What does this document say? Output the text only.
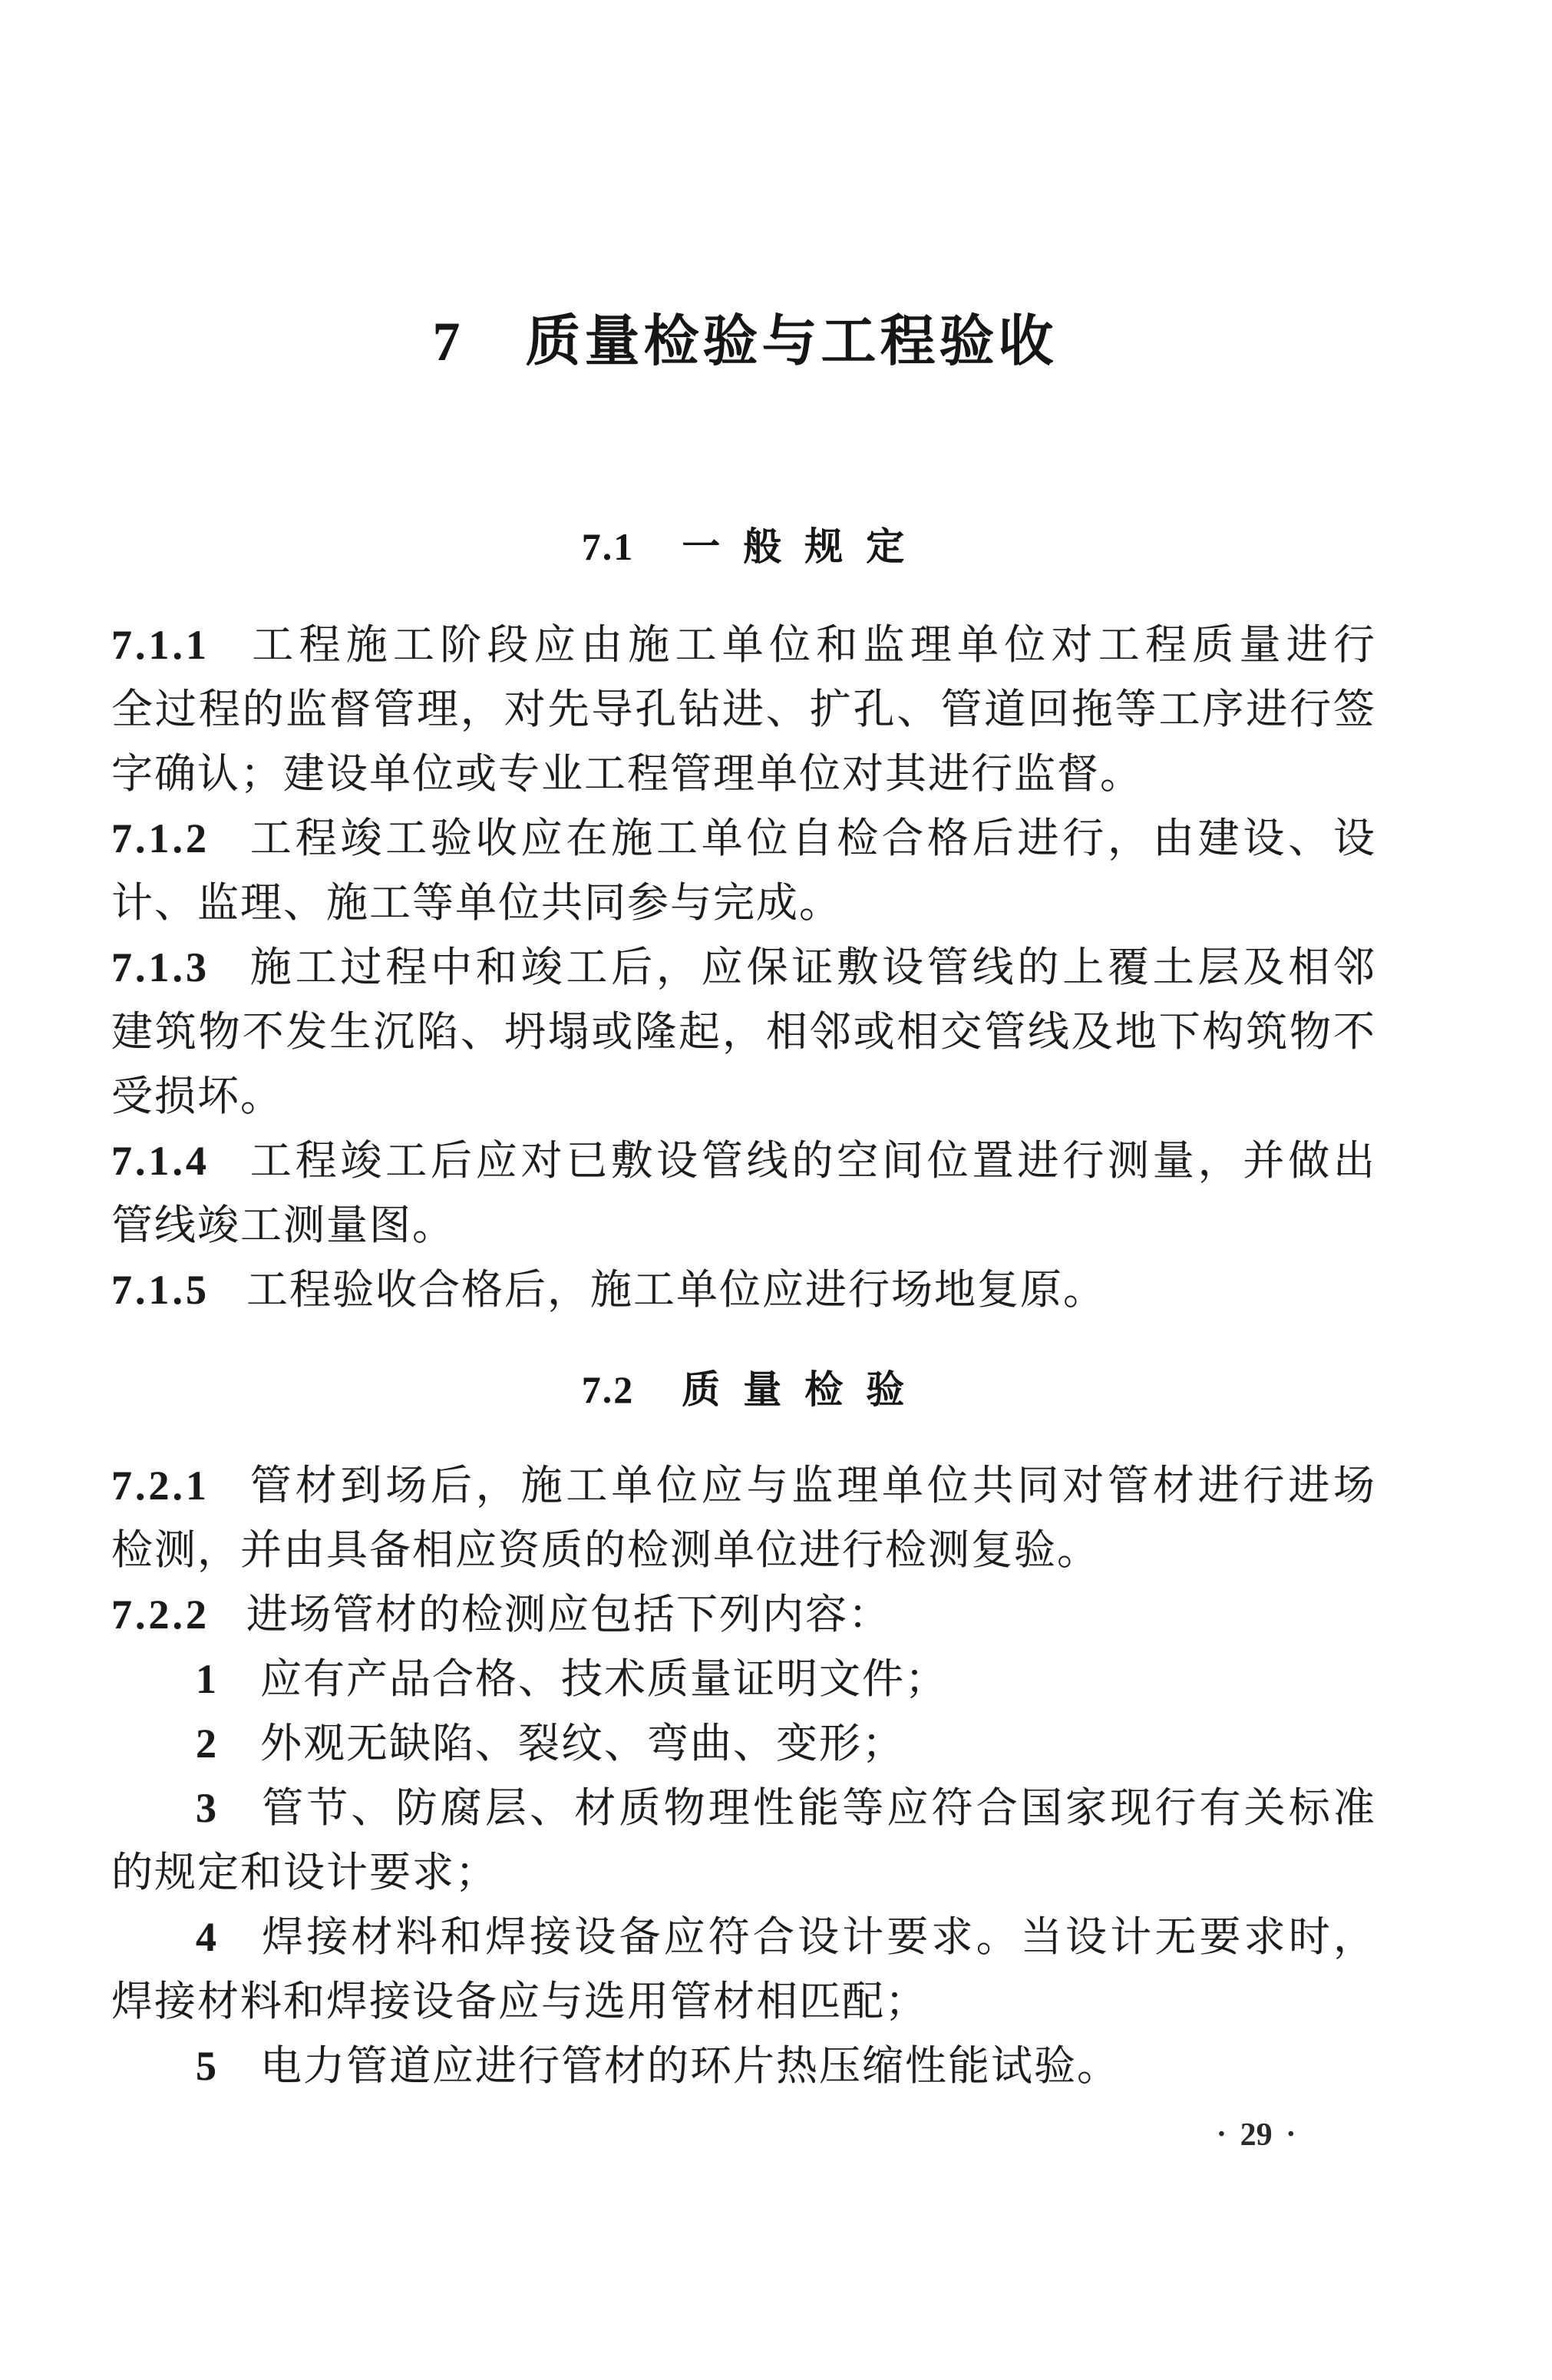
7 质量检验与工程验收
7.1 一般规定

7.1.1 工程施工阶段应由施工单位和监理单位对工程质量进行

全过程的监督管理，对先导孔钻进、扩孔、管道回拖等工序进行签

字确认；建设单位或专业工程管理单位对其进行监督。

7.1.2 工程竣工验收应在施工单位自检合格后进行，由建设、设

计、监理、施工等单位共同参与完成。

7.1.3 施工过程中和竣工后，应保证敷设管线的上覆土层及相邻

建筑物不发生沉陷、坍塌或隆起，相邻或相交管线及地下构筑物不

受损坏。

7.1.4 工程竣工后应对已敷设管线的空间位置进行测量，并做出

管线竣工测量图。

7.1.5 工程验收合格后，施工单位应进行场地复原。

7.2 质量检验

7.2.1 管材到场后，施工单位应与监理单位共同对管材进行进场

检测，并由具备相应资质的检测单位进行检测复验。

7.2.2 进场管材的检测应包括下列内容：

1 应有产品合格、技术质量证明文件；

2 外观无缺陷、裂纹、弯曲、变形；

3 管节、防腐层、材质物理性能等应符合国家现行有关标准

的规定和设计要求；

4 焊接材料和焊接设备应符合设计要求。当设计无要求时，

焊接材料和焊接设备应与选用管材相匹配；

5 电力管道应进行管材的环片热压缩性能试验。

• 29 •
